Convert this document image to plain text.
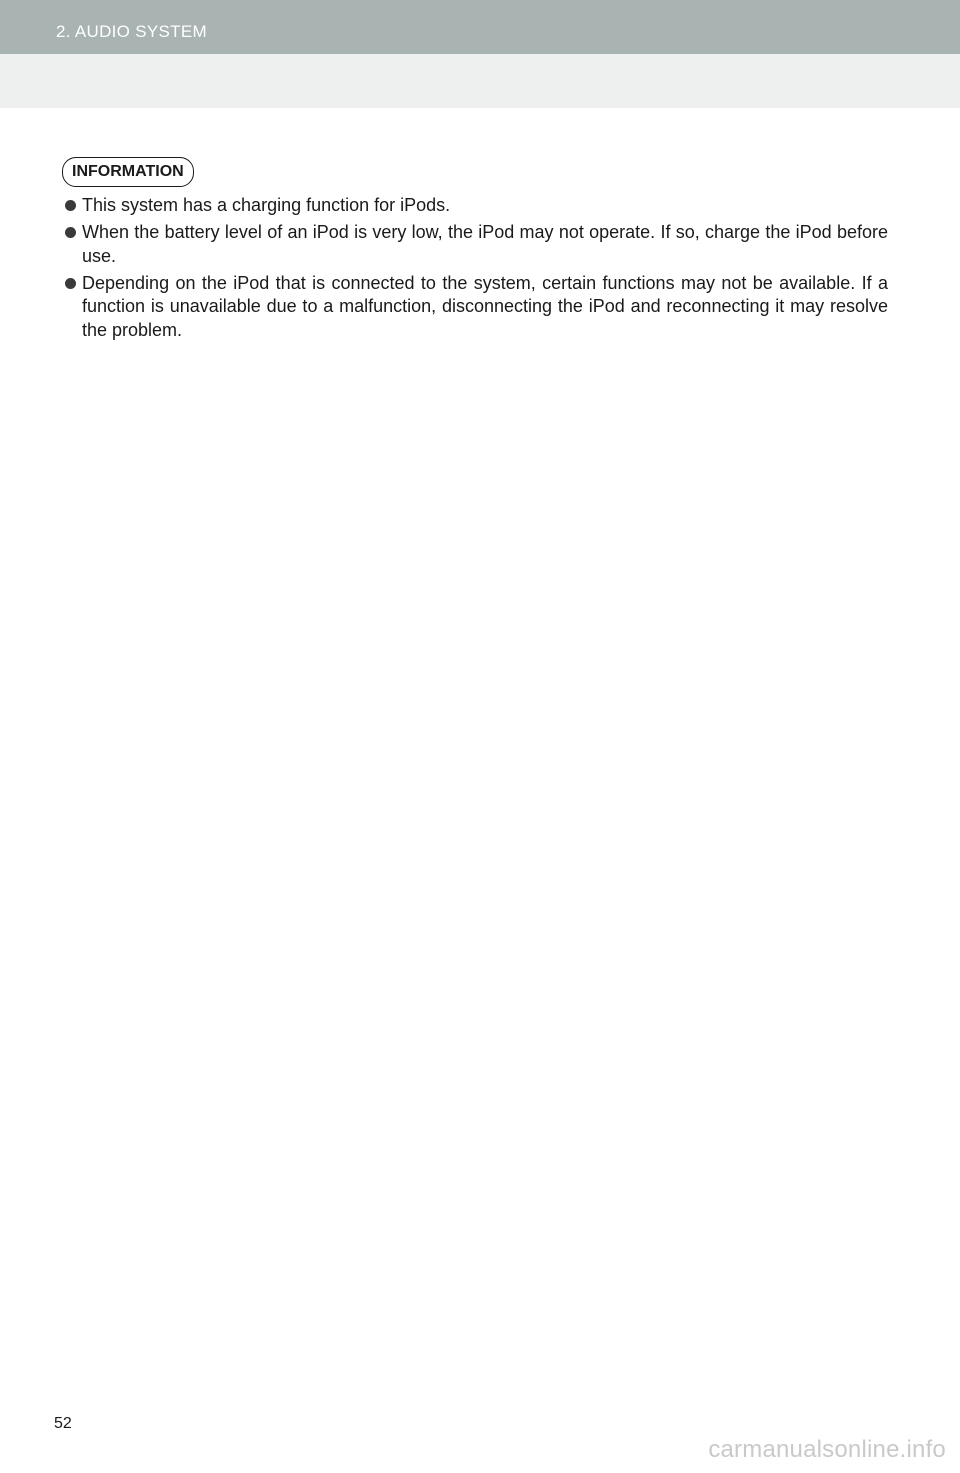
2. AUDIO SYSTEM
INFORMATION
This system has a charging function for iPods.
When the battery level of an iPod is very low, the iPod may not operate. If so, charge the iPod before use.
Depending on the iPod that is connected to the system, certain functions may not be available. If a function is unavailable due to a malfunction, disconnecting the iPod and reconnecting it may resolve the problem.
52
carmanualsonline.info
